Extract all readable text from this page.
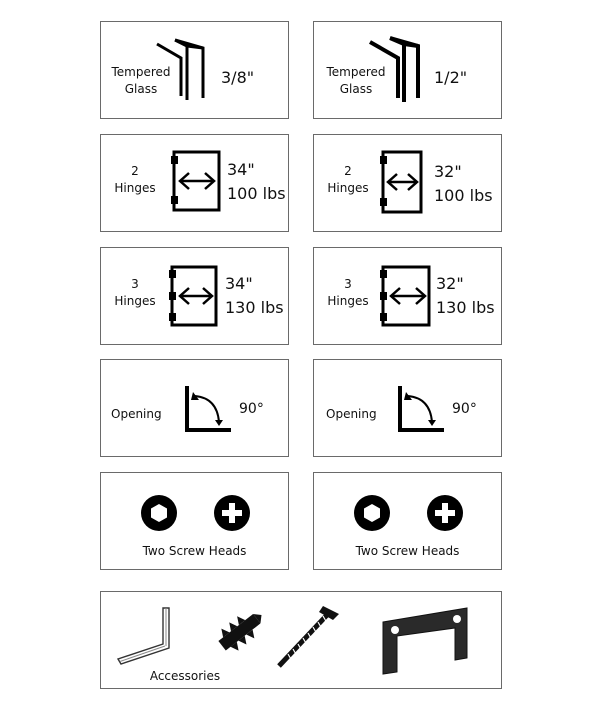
Tempered
Glass
3/8"	Tempered
Glass
1/2"
2
Hinges
34"
100 lbs
2
Hinges
32"
100 lbs
3
Hinges
34"
130 lbs
3
Hinges
32"
130 lbs
Opening	90°	Opening	90°
Two Screw Heads	Two Screw Heads
Accessories
